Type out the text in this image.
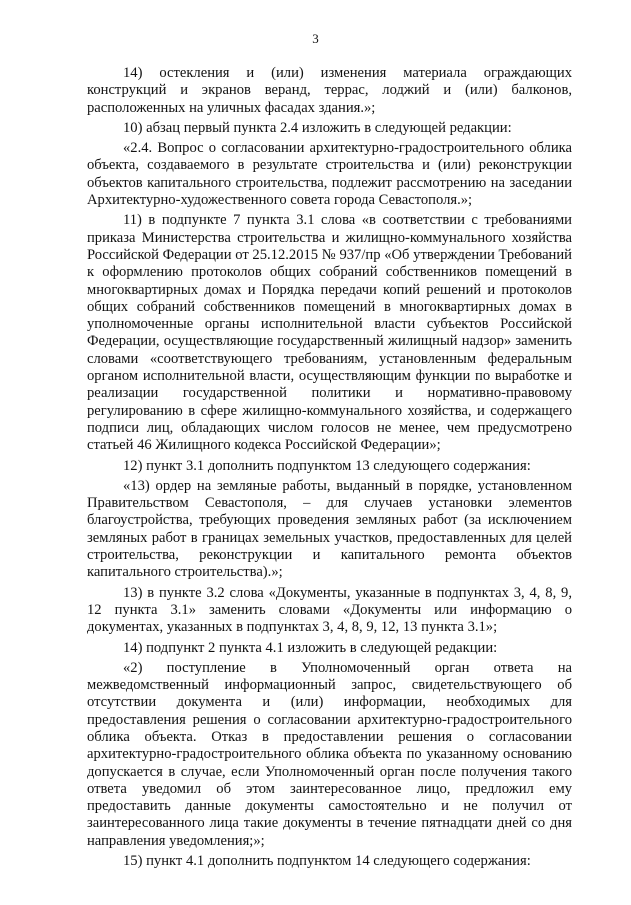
3

14) остекления и (или) изменения материала ограждающих конструкций и экранов веранд, террас, лоджий и (или) балконов, расположенных на уличных фасадах здания.»;

10) абзац первый пункта 2.4 изложить в следующей редакции:

«2.4. Вопрос о согласовании архитектурно-градостроительного облика объекта, создаваемого в результате строительства и (или) реконструкции объектов капитального строительства, подлежит рассмотрению на заседании Архитектурно-художественного совета города Севастополя.»;

11) в подпункте 7 пункта 3.1 слова «в соответствии с требованиями приказа Министерства строительства и жилищно-коммунального хозяйства Российской Федерации от 25.12.2015 № 937/пр «Об утверждении Требований к оформлению протоколов общих собраний собственников помещений в многоквартирных домах и Порядка передачи копий решений и протоколов общих собраний собственников помещений в многоквартирных домах в уполномоченные органы исполнительной власти субъектов Российской Федерации, осуществляющие государственный жилищный надзор» заменить словами «соответствующего требованиям, установленным федеральным органом исполнительной власти, осуществляющим функции по выработке и реализации государственной политики и нормативно-правовому регулированию в сфере жилищно-коммунального хозяйства, и содержащего подписи лиц, обладающих числом голосов не менее, чем предусмотрено статьей 46 Жилищного кодекса Российской Федерации»;

12) пункт 3.1 дополнить подпунктом 13 следующего содержания:

«13) ордер на земляные работы, выданный в порядке, установленном Правительством Севастополя, – для случаев установки элементов благоустройства, требующих проведения земляных работ (за исключением земляных работ в границах земельных участков, предоставленных для целей строительства, реконструкции и капитального ремонта объектов капитального строительства).»;

13) в пункте 3.2 слова «Документы, указанные в подпунктах 3, 4, 8, 9, 12 пункта 3.1» заменить словами «Документы или информацию о документах, указанных в подпунктах 3, 4, 8, 9, 12, 13 пункта 3.1»;

14) подпункт 2 пункта 4.1 изложить в следующей редакции:

«2) поступление в Уполномоченный орган ответа на межведомственный информационный запрос, свидетельствующего об отсутствии документа и (или) информации, необходимых для предоставления решения о согласовании архитектурно-градостроительного облика объекта. Отказ в предоставлении решения о согласовании архитектурно-градостроительного облика объекта по указанному основанию допускается в случае, если Уполномоченный орган после получения такого ответа уведомил об этом заинтересованное лицо, предложил ему предоставить данные документы самостоятельно и не получил от заинтересованного лица такие документы в течение пятнадцати дней со дня направления уведомления;»;

15) пункт 4.1 дополнить подпунктом 14 следующего содержания:
